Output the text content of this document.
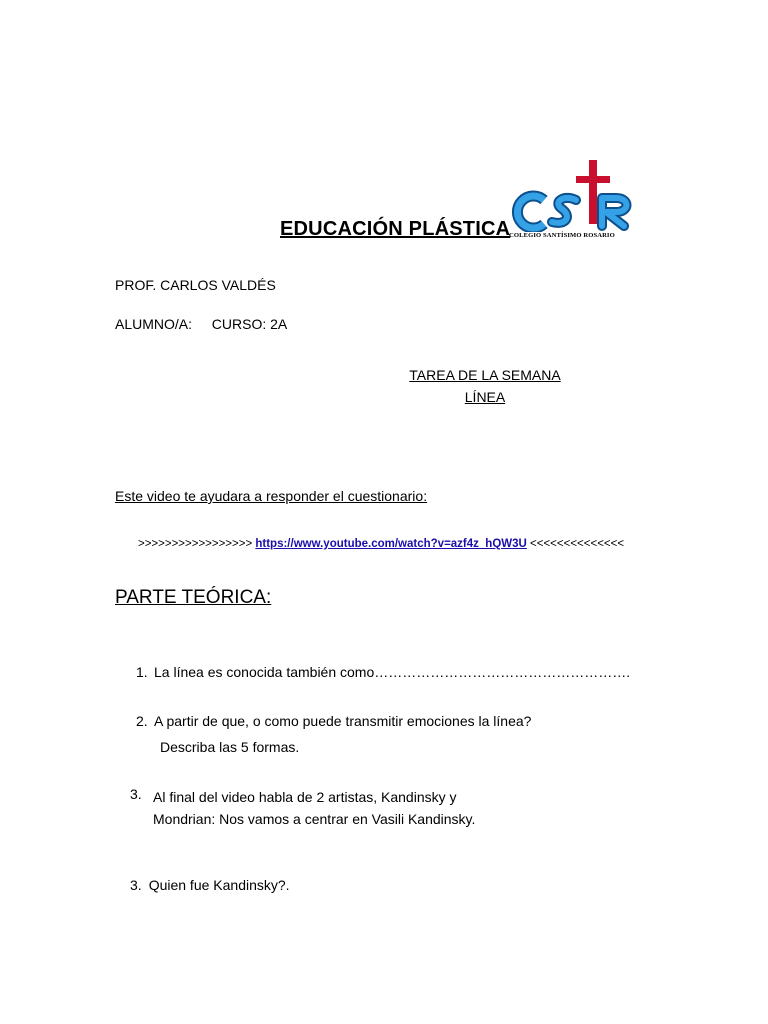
EDUCACIÓN PLÁSTICA
COLEGIO SANTÍSIMO ROSARIO
PROF. CARLOS VALDÉS
ALUMNO/A: CURSO: 2A
TAREA DE LA SEMANA
LÍNEA
Este video te ayudara a responder el cuestionario:
>>>>>>>>>>>>>>>>> https://www.youtube.com/watch?v=azf4z_hQW3U <<<<<<<<<<<<<<
PARTE TEÓRICA:
1. La línea es conocida también como……………………………………………….
2. A partir de que, o como puede transmitir emociones la línea?
Describa las 5 formas.
3. Al final del video habla de 2 artistas, Kandinsky y Mondrian: Nos vamos a centrar en Vasili Kandinsky.
3. Quien fue Kandinsky?.
